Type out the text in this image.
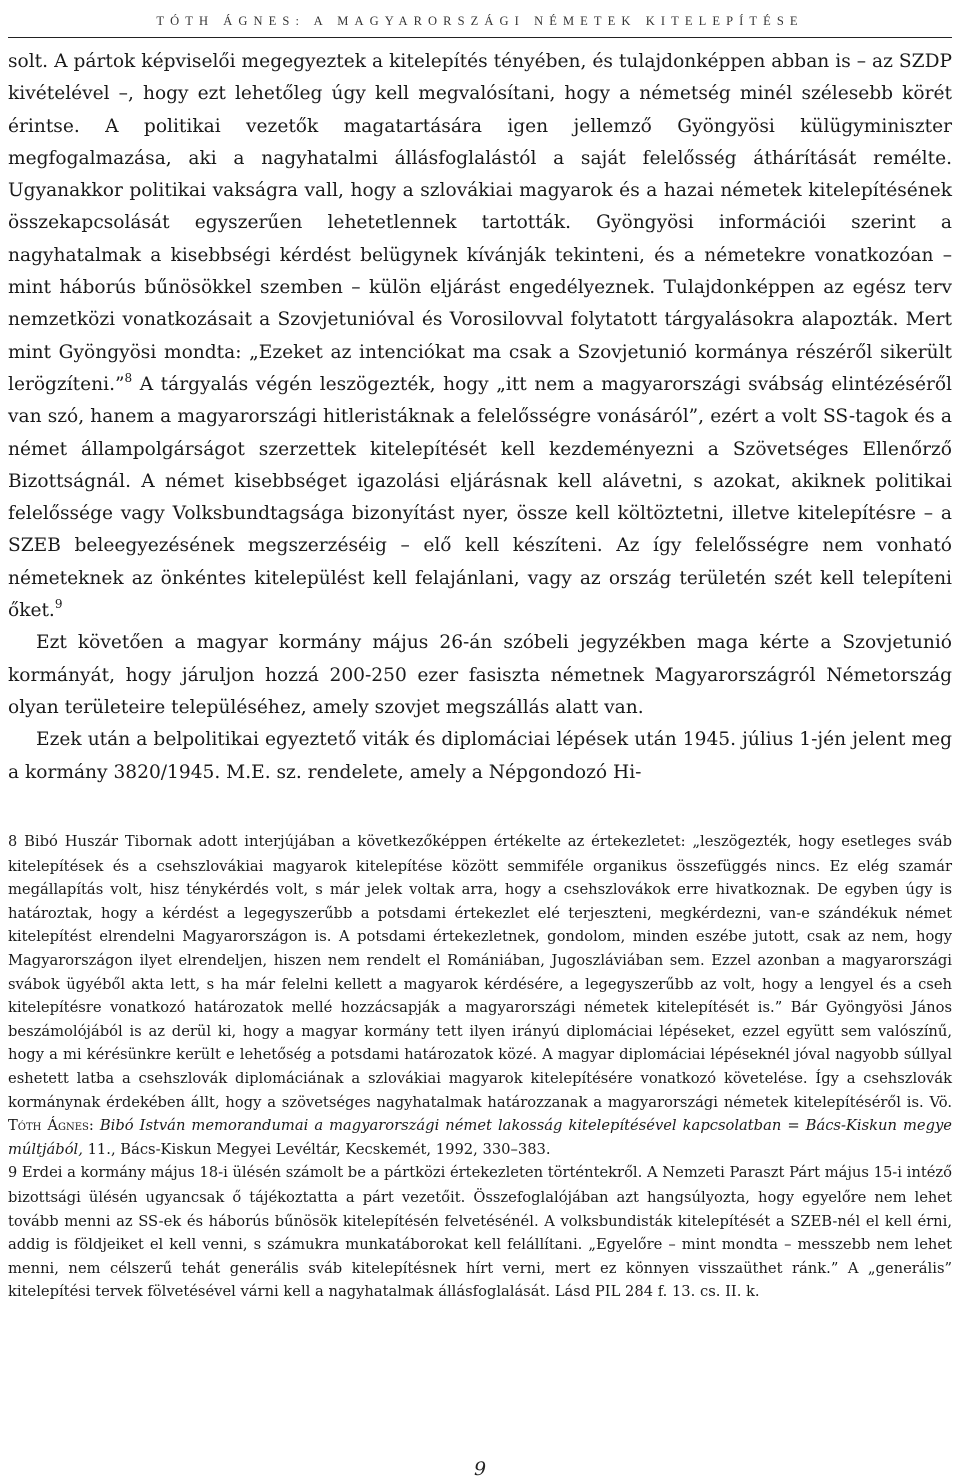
TÓTH ÁGNES: A MAGYARORSZÁGI NÉMETEK KITELEPÍTÉSE

solt. A pártok képviselői megegyeztek a kitelepítés tényében, és tulajdonképpen abban is – az SZDP kivételével –, hogy ezt lehetőleg úgy kell megvalósítani, hogy a németség minél szélesebb körét érintse. A politikai vezetők magatartására igen jellemző Gyöngyösi külügyminiszter megfogalmazása, aki a nagyhatalmi állásfoglalástól a saját felelősség áthárítását remélte. Ugyanakkor politikai vakságra vall, hogy a szlovákiai magyarok és a hazai németek kitelepítésének összekapcsolását egyszerűen lehetetlennek tartották. Gyöngyösi információi szerint a nagyhatalmak a kisebbségi kérdést belügynek kívánják tekinteni, és a németekre vonatkozóan – mint háborús bűnösökkel szemben – külön eljárást engedélyeznek. Tulajdonképpen az egész terv nemzetközi vonatkozásait a Szovjetunióval és Vorosilovval folytatott tárgyalásokra alapozták. Mert mint Gyöngyösi mondta: „Ezeket az intenciókat ma csak a Szovjetunió kormánya részéről sikerült lerögzíteni.”$^8$ A tárgyalás végén leszögezték, hogy „itt nem a magyarországi svábság elintézéséről van szó, hanem a magyarországi hitleristáknak a felelősségre vonásáról”, ezért a volt SS-tagok és a német állampolgárságot szerzettek kitelepítését kell kezdeményezni a Szövetséges Ellenőrző Bizottságnál. A német kisebbséget igazolási eljárásnak kell alávetni, s azokat, akiknek politikai felelőssége vagy Volksbundtagsága bizonyítást nyer, össze kell költöztetni, illetve kitelepítésre – a SZEB beleegyezésének megszerzéséig – elő kell készíteni. Az így felelősségre nem vonható németeknek az önkéntes kitelepülést kell felajánlani, vagy az ország területén szét kell telepíteni őket.$^9$

Ezt követően a magyar kormány május 26-án szóbeli jegyzékben maga kérte a Szovjetunió kormányát, hogy járuljon hozzá 200-250 ezer fasiszta németnek Magyarországról Németország olyan területeire településéhez, amely szovjet megszállás alatt van.

Ezek után a belpolitikai egyeztető viták és diplomáciai lépések után 1945. július 1-jén jelent meg a kormány 3820/1945. M.E. sz. rendelete, amely a Népgondozó Hi-

8 Bibó Huszár Tibornak adott interjújában a következőképpen értékelte az értekezletet: „leszögezték, hogy esetleges sváb kitelepítések és a csehszlovákiai magyarok kitelepítése között semmiféle organikus összefüggés nincs. Ez elég szamár megállapítás volt, hisz ténykérdés volt, s már jelek voltak arra, hogy a csehszlovákok erre hivatkoznak. De egyben úgy is határoztak, hogy a kérdést a legegyszerűbb a potsdami értekezlet elé terjeszteni, megkérdezni, van-e szándékuk német kitelepítést elrendelni Magyarországon is. A potsdami értekezletnek, gondolom, minden eszébe jutott, csak az nem, hogy Magyarországon ilyet elrendeljen, hiszen nem rendelt el Romániában, Jugoszláviában sem. Ezzel azonban a magyarországi svábok ügyéből akta lett, s ha már felelni kellett a magyarok kérdésére, a legegyszerűbb az volt, hogy a lengyel és a cseh kitelepítésre vonatkozó határozatok mellé hozzácsapják a magyarországi németek kitelepítését is.” Bár Gyöngyösi János beszámolójából is az derül ki, hogy a magyar kormány tett ilyen irányú diplomáciai lépéseket, ezzel együtt sem valószínű, hogy a mi kérésünkre került e lehetőség a potsdami határozatok közé. A magyar diplomáciai lépéseknél jóval nagyobb súllyal eshetett latba a csehszlovák diplomáciának a szlovákiai magyarok kitelepítésére vonatkozó követelése. Így a csehszlovák kormánynak érdekében állt, hogy a szövetséges nagyhatalmak határozzanak a magyarországi németek kitelepítéséről is. Vö. Tóth Ágnes: Bibó István memorandumai a magyarországi német lakosság kitelepítésével kapcsolatban = Bács-Kiskun megye múltjából, 11., Bács-Kiskun Megyei Levéltár, Kecskemét, 1992, 330–383.

9 Erdei a kormány május 18-i ülésén számolt be a pártközi értekezleten történtekről. A Nemzeti Paraszt Párt május 15-i intéző bizottsági ülésén ugyancsak ő tájékoztatta a párt vezetőit. Összefoglalójában azt hangsúlyozta, hogy egyelőre nem lehet tovább menni az SS-ek és háborús bűnösök kitelepítésén felvetésénél. A volksbundisták kitelepítését a SZEB-nél el kell érni, addig is földjeiket el kell venni, s számukra munkatáborokat kell felállítani. „Egyelőre – mint mondta – messzebb nem lehet menni, nem célszerű tehát generális sváb kitelepítésnek hírt verni, mert ez könnyen visszaüthet ránk.” A „generális” kitelepítési tervek fölvetésével várni kell a nagyhatalmak állásfoglalását. Lásd PIL 284 f. 13. cs. II. k.

9
